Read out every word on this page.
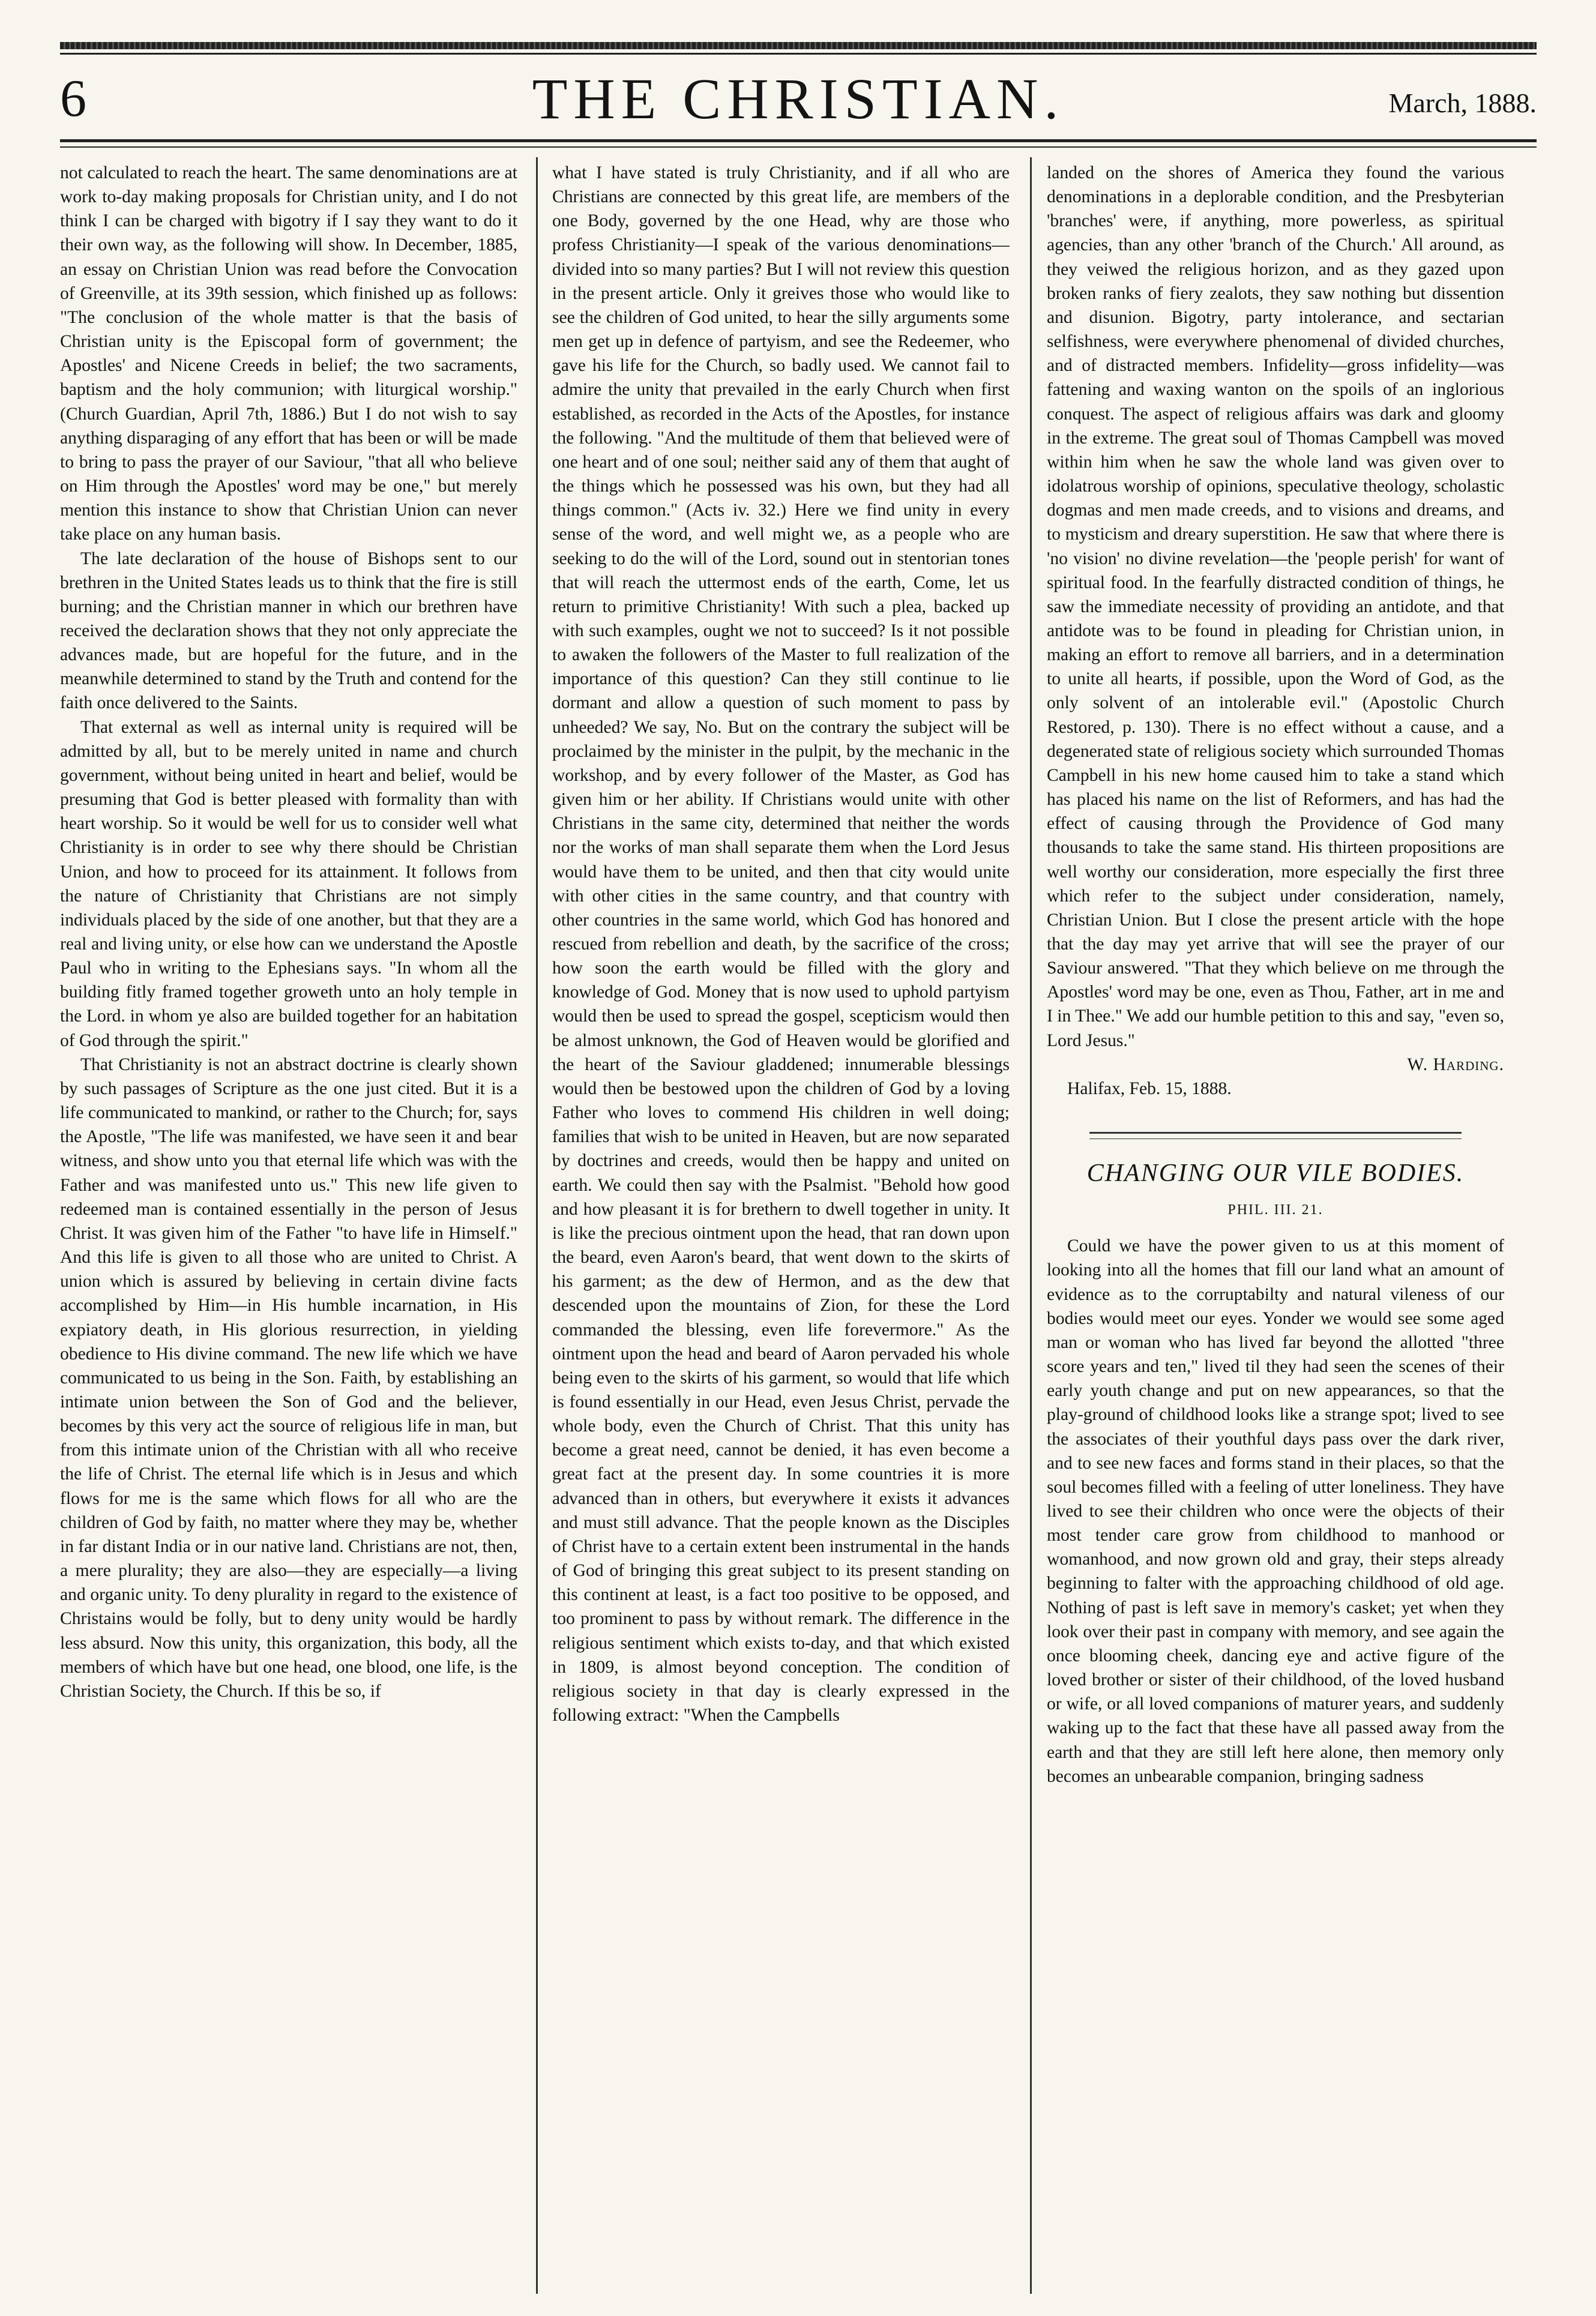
6	THE CHRISTIAN.	March, 1888.

not calculated to reach the heart. The same denominations are at work to-day making proposals for Christian unity, and I do not think I can be charged with bigotry if I say they want to do it their own way, as the following will show. In December, 1885, an essay on Christian Union was read before the Convocation of Greenville, at its 39th session, which finished up as follows: "The conclusion of the whole matter is that the basis of Christian unity is the Episcopal form of government; the Apostles' and Nicene Creeds in belief; the two sacraments, baptism and the holy communion; with liturgical worship." (Church Guardian, April 7th, 1886.) But I do not wish to say anything disparaging of any effort that has been or will be made to bring to pass the prayer of our Saviour, "that all who believe on Him through the Apostles' word may be one," but merely mention this instance to show that Christian Union can never take place on any human basis.

The late declaration of the house of Bishops sent to our brethren in the United States leads us to think that the fire is still burning; and the Christian manner in which our brethren have received the declaration shows that they not only appreciate the advances made, but are hopeful for the future, and in the meanwhile determined to stand by the Truth and contend for the faith once delivered to the Saints.

That external as well as internal unity is required will be admitted by all, but to be merely united in name and church government, without being united in heart and belief, would be presuming that God is better pleased with formality than with heart worship. So it would be well for us to consider well what Christianity is in order to see why there should be Christian Union, and how to proceed for its attainment. It follows from the nature of Christianity that Christians are not simply individuals placed by the side of one another, but that they are a real and living unity, or else how can we understand the Apostle Paul who in writing to the Ephesians says. "In whom all the building fitly framed together groweth unto an holy temple in the Lord. in whom ye also are builded together for an habitation of God through the spirit."

That Christianity is not an abstract doctrine is clearly shown by such passages of Scripture as the one just cited. But it is a life communicated to mankind, or rather to the Church; for, says the Apostle, "The life was manifested, we have seen it and bear witness, and show unto you that eternal life which was with the Father and was manifested unto us." This new life given to redeemed man is contained essentially in the person of Jesus Christ. It was given him of the Father "to have life in Himself." And this life is given to all those who are united to Christ. A union which is assured by believing in certain divine facts accomplished by Him—in His humble incarnation, in His expiatory death, in His glorious resurrection, in yielding obedience to His divine command. The new life which we have communicated to us being in the Son. Faith, by establishing an intimate union between the Son of God and the believer, becomes by this very act the source of religious life in man, but from this intimate union of the Christian with all who receive the life of Christ. The eternal life which is in Jesus and which flows for me is the same which flows for all who are the children of God by faith, no matter where they may be, whether in far distant India or in our native land. Christians are not, then, a mere plurality; they are also—they are especially—a living and organic unity. To deny plurality in regard to the existence of Christains would be folly, but to deny unity would be hardly less absurd. Now this unity, this organization, this body, all the members of which have but one head, one blood, one life, is the Christian Society, the Church. If this be so, if

what I have stated is truly Christianity, and if all who are Christians are connected by this great life, are members of the one Body, governed by the one Head, why are those who profess Christianity—I speak of the various denominations—divided into so many parties? But I will not review this question in the present article. Only it greives those who would like to see the children of God united, to hear the silly arguments some men get up in defence of partyism, and see the Redeemer, who gave his life for the Church, so badly used. We cannot fail to admire the unity that prevailed in the early Church when first established, as recorded in the Acts of the Apostles, for instance the following. "And the multitude of them that believed were of one heart and of one soul; neither said any of them that aught of the things which he possessed was his own, but they had all things common." (Acts iv. 32.) Here we find unity in every sense of the word, and well might we, as a people who are seeking to do the will of the Lord, sound out in stentorian tones that will reach the uttermost ends of the earth, Come, let us return to primitive Christianity! With such a plea, backed up with such examples, ought we not to succeed? Is it not possible to awaken the followers of the Master to full realization of the importance of this question? Can they still continue to lie dormant and allow a question of such moment to pass by unheeded? We say, No. But on the contrary the subject will be proclaimed by the minister in the pulpit, by the mechanic in the workshop, and by every follower of the Master, as God has given him or her ability. If Christians would unite with other Christians in the same city, determined that neither the words nor the works of man shall separate them when the Lord Jesus would have them to be united, and then that city would unite with other cities in the same country, and that country with other countries in the same world, which God has honored and rescued from rebellion and death, by the sacrifice of the cross; how soon the earth would be filled with the glory and knowledge of God. Money that is now used to uphold partyism would then be used to spread the gospel, scepticism would then be almost unknown, the God of Heaven would be glorified and the heart of the Saviour gladdened; innumerable blessings would then be bestowed upon the children of God by a loving Father who loves to commend His children in well doing; families that wish to be united in Heaven, but are now separated by doctrines and creeds, would then be happy and united on earth. We could then say with the Psalmist. "Behold how good and how pleasant it is for brethern to dwell together in unity. It is like the precious ointment upon the head, that ran down upon the beard, even Aaron's beard, that went down to the skirts of his garment; as the dew of Hermon, and as the dew that descended upon the mountains of Zion, for these the Lord commanded the blessing, even life forevermore." As the ointment upon the head and beard of Aaron pervaded his whole being even to the skirts of his garment, so would that life which is found essentially in our Head, even Jesus Christ, pervade the whole body, even the Church of Christ. That this unity has become a great need, cannot be denied, it has even become a great fact at the present day. In some countries it is more advanced than in others, but everywhere it exists it advances and must still advance. That the people known as the Disciples of Christ have to a certain extent been instrumental in the hands of God of bringing this great subject to its present standing on this continent at least, is a fact too positive to be opposed, and too prominent to pass by without remark. The difference in the religious sentiment which exists to-day, and that which existed in 1809, is almost beyond conception. The condition of religious society in that day is clearly expressed in the following extract: "When the Campbells

landed on the shores of America they found the various denominations in a deplorable condition, and the Presbyterian 'branches' were, if anything, more powerless, as spiritual agencies, than any other 'branch of the Church.' All around, as they veiwed the religious horizon, and as they gazed upon broken ranks of fiery zealots, they saw nothing but dissention and disunion. Bigotry, party intolerance, and sectarian selfishness, were everywhere phenomenal of divided churches, and of distracted members. Infidelity—gross infidelity—was fattening and waxing wanton on the spoils of an inglorious conquest. The aspect of religious affairs was dark and gloomy in the extreme. The great soul of Thomas Campbell was moved within him when he saw the whole land was given over to idolatrous worship of opinions, speculative theology, scholastic dogmas and men made creeds, and to visions and dreams, and to mysticism and dreary superstition. He saw that where there is 'no vision' no divine revelation—the 'people perish' for want of spiritual food. In the fearfully distracted condition of things, he saw the immediate necessity of providing an antidote, and that antidote was to be found in pleading for Christian union, in making an effort to remove all barriers, and in a determination to unite all hearts, if possible, upon the Word of God, as the only solvent of an intolerable evil." (Apostolic Church Restored, p. 130). There is no effect without a cause, and a degenerated state of religious society which surrounded Thomas Campbell in his new home caused him to take a stand which has placed his name on the list of Reformers, and has had the effect of causing through the Providence of God many thousands to take the same stand. His thirteen propositions are well worthy our consideration, more especially the first three which refer to the subject under consideration, namely, Christian Union. But I close the present article with the hope that the day may yet arrive that will see the prayer of our Saviour answered. "That they which believe on me through the Apostles' word may be one, even as Thou, Father, art in me and I in Thee." We add our humble petition to this and say, "even so, Lord Jesus."

W. Harding.

Halifax, Feb. 15, 1888.

CHANGING OUR VILE BODIES.
PHIL. III. 21.

Could we have the power given to us at this moment of looking into all the homes that fill our land what an amount of evidence as to the corruptabilty and natural vileness of our bodies would meet our eyes. Yonder we would see some aged man or woman who has lived far beyond the allotted "three score years and ten," lived til they had seen the scenes of their early youth change and put on new appearances, so that the play-ground of childhood looks like a strange spot; lived to see the associates of their youthful days pass over the dark river, and to see new faces and forms stand in their places, so that the soul becomes filled with a feeling of utter loneliness. They have lived to see their children who once were the objects of their most tender care grow from childhood to manhood or womanhood, and now grown old and gray, their steps already beginning to falter with the approaching childhood of old age. Nothing of past is left save in memory's casket; yet when they look over their past in company with memory, and see again the once blooming cheek, dancing eye and active figure of the loved brother or sister of their childhood, of the loved husband or wife, or all loved companions of maturer years, and suddenly waking up to the fact that these have all passed away from the earth and that they are still left here alone, then memory only becomes an unbearable companion, bringing sadness
